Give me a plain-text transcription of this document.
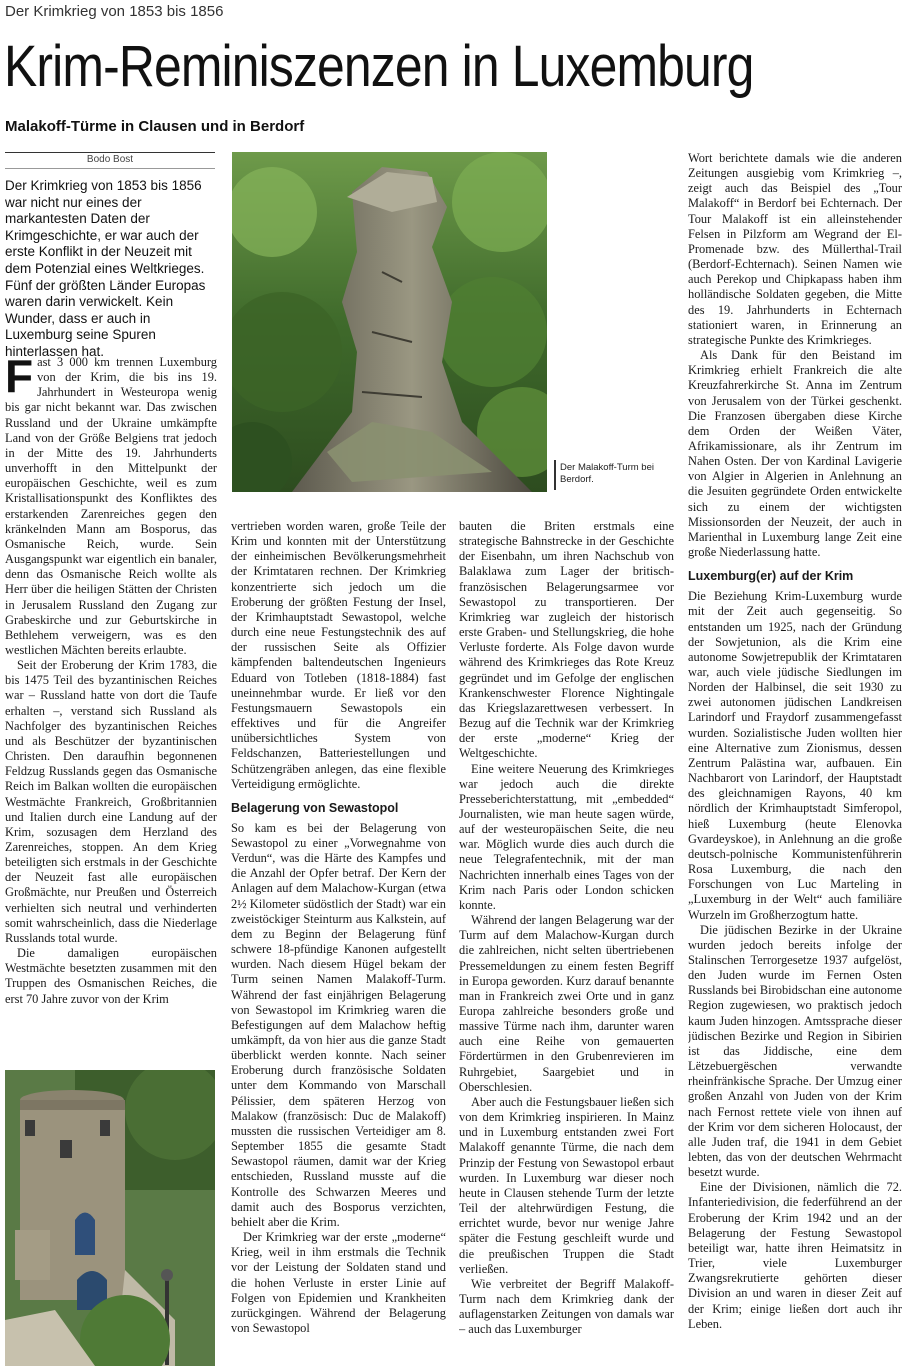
Der Krimkrieg von 1853 bis 1856
Krim-Reminiszenzen in Luxemburg
Malakoff-Türme in Clausen und in Berdorf
Bodo Bost
Der Krimkrieg von 1853 bis 1856 war nicht nur eines der markantesten Daten der Krimgeschichte, er war auch der erste Konflikt in der Neuzeit mit dem Potenzial eines Weltkrieges. Fünf der größten Länder Europas waren darin verwickelt. Kein Wunder, dass er auch in Luxemburg seine Spuren hinterlassen hat.
Der Malakoff-Turm bei Berdorf.

Fast 3 000 km trennen Luxemburg von der Krim, die bis ins 19. Jahrhundert in Westeuropa wenig bis gar nicht bekannt war. Das zwischen Russland und der Ukraine umkämpfte Land von der Größe Belgiens trat jedoch in der Mitte des 19. Jahrhunderts unverhofft in den Mittelpunkt der europäischen Geschichte, weil es zum Kristallisationspunkt des Konfliktes des erstarkenden Zarenreiches gegen den kränkelnden Mann am Bosporus, das Osmanische Reich, wurde. Sein Ausgangspunkt war eigentlich ein banaler, denn das Osmanische Reich wollte als Herr über die heiligen Stätten der Christen in Jerusalem Russland den Zugang zur Grabeskirche und zur Geburtskirche in Bethlehem verweigern, was es den westlichen Mächten bereits erlaubte.

Seit der Eroberung der Krim 1783, die bis 1475 Teil des byzantinischen Reiches war – Russland hatte von dort die Taufe erhalten –, verstand sich Russland als Nachfolger des byzantinischen Reiches und als Beschützer der byzantinischen Christen. Den daraufhin begonnenen Feldzug Russlands gegen das Osmanische Reich im Balkan wollten die europäischen Westmächte Frankreich, Großbritannien und Italien durch eine Landung auf der Krim, sozusagen dem Herzland des Zarenreiches, stoppen. An dem Krieg beteiligten sich erstmals in der Geschichte der Neuzeit fast alle europäischen Großmächte, nur Preußen und Österreich verhielten sich neutral und verhinderten somit wahrscheinlich, dass die Niederlage Russlands total wurde.

Die damaligen europäischen Westmächte besetzten zusammen mit den Truppen des Osmanischen Reiches, die erst 70 Jahre zuvor von der Krim

vertrieben worden waren, große Teile der Krim und konnten mit der Unterstützung der einheimischen Bevölkerungsmehrheit der Krimtataren rechnen. Der Krimkrieg konzentrierte sich jedoch um die Eroberung der größten Festung der Insel, der Krimhauptstadt Sewastopol, welche durch eine neue Festungstechnik des auf der russischen Seite als Offizier kämpfenden baltendeutschen Ingenieurs Eduard von Totleben (1818-1884) fast uneinnehmbar wurde. Er ließ vor den Festungsmauern Sewastopols ein effektives und für die Angreifer unübersichtliches System von Feldschanzen, Batteriestellungen und Schützengräben anlegen, das eine flexible Verteidigung ermöglichte.

Belagerung von Sewastopol

So kam es bei der Belagerung von Sewastopol zu einer „Vorwegnahme von Verdun“, was die Härte des Kampfes und die Anzahl der Opfer betraf. Der Kern der Anlagen auf dem Malachow-Kurgan (etwa 2½ Kilometer südöstlich der Stadt) war ein zweistöckiger Steinturm aus Kalkstein, auf dem zu Beginn der Belagerung fünf schwere 18-pfündige Kanonen aufgestellt wurden. Nach diesem Hügel bekam der Turm seinen Namen Malakoff-Turm. Während der fast einjährigen Belagerung von Sewastopol im Krimkrieg waren die Befestigungen auf dem Malachow heftig umkämpft, da von hier aus die ganze Stadt überblickt werden konnte. Nach seiner Eroberung durch französische Soldaten unter dem Kommando von Marschall Pélissier, dem späteren Herzog von Malakow (französisch: Duc de Malakoff) mussten die russischen Verteidiger am 8. September 1855 die gesamte Stadt Sewastopol räumen, damit war der Krieg entschieden, Russland musste auf die Kontrolle des Schwarzen Meeres und damit auch des Bosporus verzichten, behielt aber die Krim.

Der Krimkrieg war der erste „moderne“ Krieg, weil in ihm erstmals die Technik vor der Leistung der Soldaten stand und die hohen Verluste in erster Linie auf Folgen von Epidemien und Krankheiten zurückgingen. Während der Belagerung von Sewastopol

bauten die Briten erstmals eine strategische Bahnstrecke in der Geschichte der Eisenbahn, um ihren Nachschub von Balaklawa zum Lager der britisch-französischen Belagerungsarmee vor Sewastopol zu transportieren. Der Krimkrieg war zugleich der historisch erste Graben- und Stellungskrieg, die hohe Verluste forderte. Als Folge davon wurde während des Krimkrieges das Rote Kreuz gegründet und im Gefolge der englischen Krankenschwester Florence Nightingale das Kriegslazarettwesen verbessert. In Bezug auf die Technik war der Krimkrieg der erste „moderne“ Krieg der Weltgeschichte.

Eine weitere Neuerung des Krimkrieges war jedoch auch die direkte Presseberichterstattung, mit „embedded“ Journalisten, wie man heute sagen würde, auf der westeuropäischen Seite, die neu war. Möglich wurde dies auch durch die neue Telegrafentechnik, mit der man Nachrichten innerhalb eines Tages von der Krim nach Paris oder London schicken konnte.

Während der langen Belagerung war der Turm auf dem Malachow-Kurgan durch die zahlreichen, nicht selten übertriebenen Pressemeldungen zu einem festen Begriff in Europa geworden. Kurz darauf benannte man in Frankreich zwei Orte und in ganz Europa zahlreiche besonders große und massive Türme nach ihm, darunter waren auch eine Reihe von gemauerten Fördertürmen in den Grubenrevieren im Ruhrgebiet, Saargebiet und in Oberschlesien.

Aber auch die Festungsbauer ließen sich von dem Krimkrieg inspirieren. In Mainz und in Luxemburg entstanden zwei Fort Malakoff genannte Türme, die nach dem Prinzip der Festung von Sewastopol erbaut wurden. In Luxemburg war dieser noch heute in Clausen stehende Turm der letzte Teil der altehrwürdigen Festung, die errichtet wurde, bevor nur wenige Jahre später die Festung geschleift wurde und die preußischen Truppen die Stadt verließen.

Wie verbreitet der Begriff Malakoff-Turm nach dem Krimkrieg dank der auflagenstarken Zeitungen von damals war – auch das Luxemburger

Wort berichtete damals wie die anderen Zeitungen ausgiebig vom Krimkrieg –, zeigt auch das Beispiel des „Tour Malakoff“ in Berdorf bei Echternach. Der Tour Malakoff ist ein alleinstehender Felsen in Pilzform am Wegrand der El-Promenade bzw. des Müllerthal-Trail (Berdorf-Echternach). Seinen Namen wie auch Perekop und Chipkapass haben ihm holländische Soldaten gegeben, die Mitte des 19. Jahrhunderts in Echternach stationiert waren, in Erinnerung an strategische Punkte des Krimkrieges.

Als Dank für den Beistand im Krimkrieg erhielt Frankreich die alte Kreuzfahrerkirche St. Anna im Zentrum von Jerusalem von der Türkei geschenkt. Die Franzosen übergaben diese Kirche dem Orden der Weißen Väter, Afrikamissionare, als ihr Zentrum im Nahen Osten. Der von Kardinal Lavigerie von Algier in Algerien in Anlehnung an die Jesuiten gegründete Orden entwickelte sich zu einem der wichtigsten Missionsorden der Neuzeit, der auch in Marienthal in Luxemburg lange Zeit eine große Niederlassung hatte.

Luxemburg(er) auf der Krim

Die Beziehung Krim-Luxemburg wurde mit der Zeit auch gegenseitig. So entstanden um 1925, nach der Gründung der Sowjetunion, als die Krim eine autonome Sowjetrepublik der Krimtataren war, auch viele jüdische Siedlungen im Norden der Halbinsel, die seit 1930 zu zwei autonomen jüdischen Landkreisen Larindorf und Fraydorf zusammengefasst wurden. Sozialistische Juden wollten hier eine Alternative zum Zionismus, dessen Zentrum Palästina war, aufbauen. Ein Nachbarort von Larindorf, der Hauptstadt des gleichnamigen Rayons, 40 km nördlich der Krimhauptstadt Simferopol, hieß Luxemburg (heute Elenovka Gvardeyskoe), in Anlehnung an die große deutsch-polnische Kommunistenführerin Rosa Luxemburg, die nach den Forschungen von Luc Marteling in „Luxemburg in der Welt“ auch familiäre Wurzeln im Großherzogtum hatte.

Die jüdischen Bezirke in der Ukraine wurden jedoch bereits infolge der Stalinschen Terrorgesetze 1937 aufgelöst, den Juden wurde im Fernen Osten Russlands bei Birobidschan eine autonome Region zugewiesen, wo praktisch jedoch kaum Juden hinzogen. Amtssprache dieser jüdischen Bezirke und Region in Sibirien ist das Jiddische, eine dem Lëtzebuergëschen verwandte rheinfränkische Sprache. Der Umzug einer großen Anzahl von Juden von der Krim nach Fernost rettete viele von ihnen auf der Krim vor dem sicheren Holocaust, der alle Juden traf, die 1941 in dem Gebiet lebten, das von der deutschen Wehrmacht besetzt wurde.

Eine der Divisionen, nämlich die 72. Infanteriedivision, die federführend an der Eroberung der Krim 1942 und an der Belagerung der Festung Sewastopol beteiligt war, hatte ihren Heimatsitz in Trier, viele Luxemburger Zwangsrekrutierte gehörten dieser Division an und waren in dieser Zeit auf der Krim; einige ließen dort auch ihr Leben.
